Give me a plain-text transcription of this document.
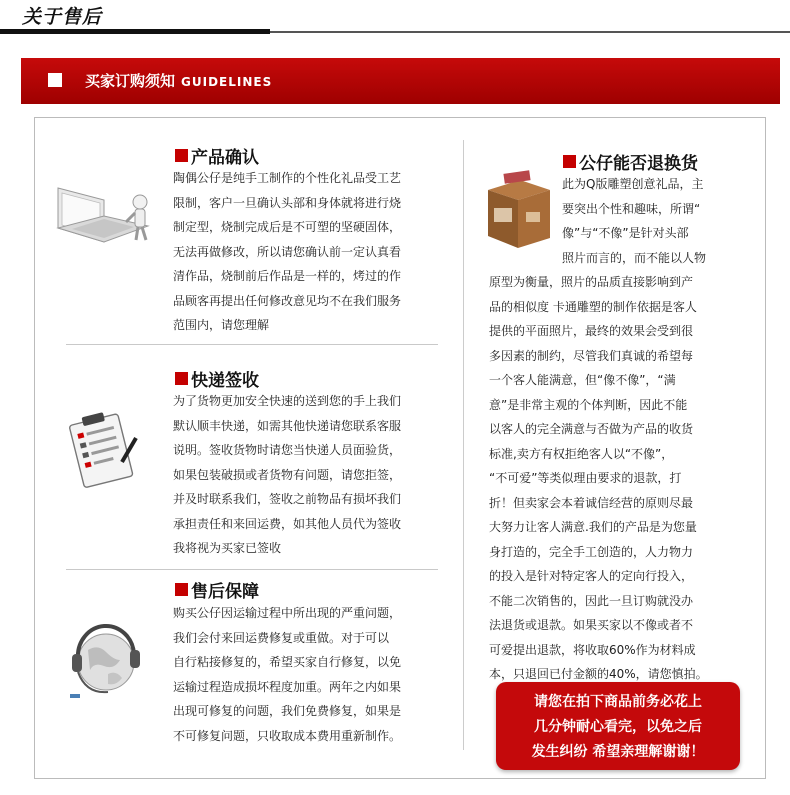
关于售后
买家订购须知 GUIDELINES
产品确认
陶偶公仔是纯手工制作的个性化礼品受工艺
限制，客户一旦确认头部和身体就将进行烧
制定型，烧制完成后是不可塑的坚硬固体，
无法再做修改，所以请您确认前一定认真看
清作品，烧制前后作品是一样的，烤过的作
品顾客再提出任何修改意见均不在我们服务
范围内，请您理解
快递签收
为了货物更加安全快速的送到您的手上我们
默认顺丰快递，如需其他快递请您联系客服
说明。签收货物时请您当快递人员面验货，
如果包装破损或者货物有问题，请您拒签，
并及时联系我们，签收之前物品有损坏我们
承担责任和来回运费，如其他人员代为签收
我将视为买家已签收
售后保障
购买公仔因运输过程中所出现的严重问题，
我们会付来回运费修复或重做。对于可以
自行粘接修复的，希望买家自行修复，以免
运输过程造成损坏程度加重。两年之内如果
出现可修复的问题，我们免费修复，如果是
不可修复问题，只收取成本费用重新制作。
公仔能否退换货
此为Q版雕塑创意礼品，主
要突出个性和趣味，所谓“
像”与“不像”是针对头部
照片而言的，而不能以人物
原型为衡量，照片的品质直接影响到产
品的相似度 卡通雕塑的制作依据是客人
提供的平面照片，最终的效果会受到很
多因素的制约，尽管我们真诚的希望每
一个客人能满意，但“像不像”，“满
意”是非常主观的个体判断，因此不能
以客人的完全满意与否做为产品的收货
标准,卖方有权拒绝客人以“不像”，
“不可爱”等类似理由要求的退款，打
折！但卖家会本着诚信经营的原则尽最
大努力让客人满意.我们的产品是为您量
身打造的，完全手工创造的，人力物力
的投入是针对特定客人的定向行投入，
不能二次销售的，因此一旦订购就没办
法退货或退款。如果买家以不像或者不
可爱提出退款，将收取60%作为材料成
本，只退回已付金额的40%，请您慎拍。
请您在拍下商品前务必花上
几分钟耐心看完，以免之后
发生纠纷 希望亲理解谢谢！
